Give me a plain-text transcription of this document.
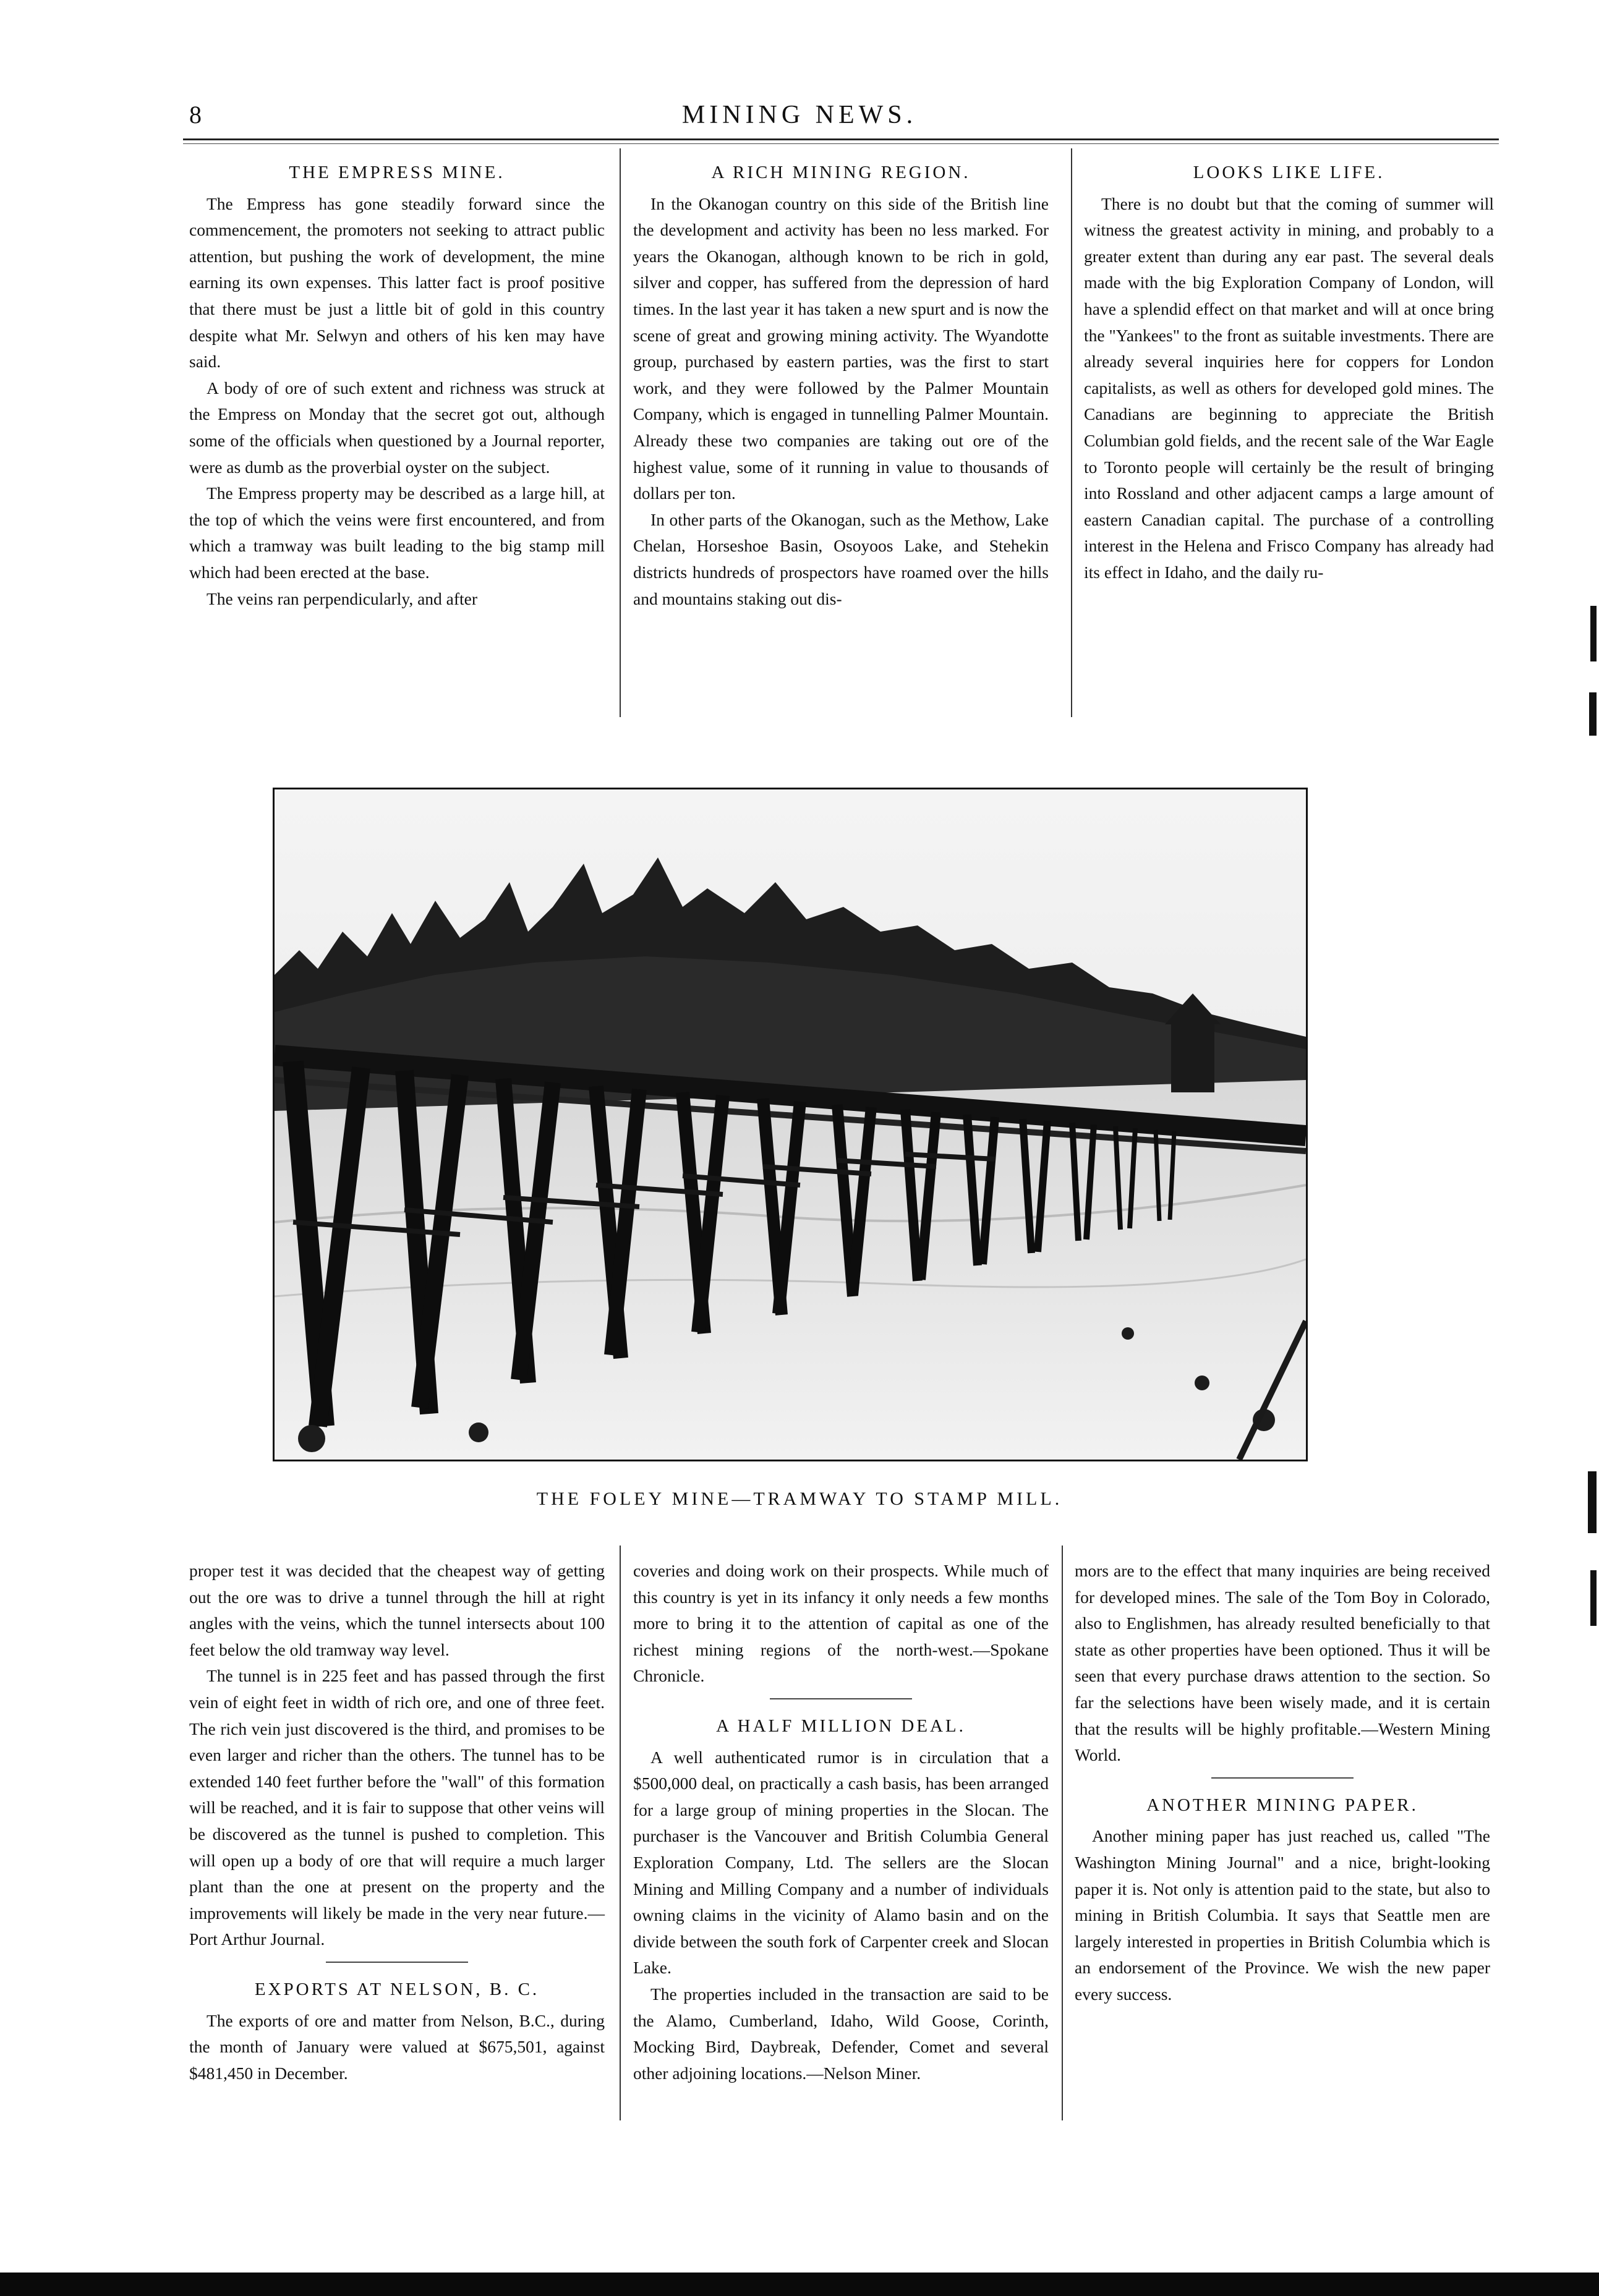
8	MINING NEWS.
THE EMPRESS MINE.

The Empress has gone steadily forward since the commencement, the promoters not seeking to attract public attention, but pushing the work of development, the mine earning its own expenses. This latter fact is proof positive that there must be just a little bit of gold in this country despite what Mr. Selwyn and others of his ken may have said.

A body of ore of such extent and richness was struck at the Empress on Monday that the secret got out, although some of the officials when questioned by a Journal reporter, were as dumb as the proverbial oyster on the subject.

The Empress property may be described as a large hill, at the top of which the veins were first encountered, and from which a tramway was built leading to the big stamp mill which had been erected at the base.

The veins ran perpendicularly, and after

A RICH MINING REGION.

In the Okanogan country on this side of the British line the development and activity has been no less marked. For years the Okanogan, although known to be rich in gold, silver and copper, has suffered from the depression of hard times. In the last year it has taken a new spurt and is now the scene of great and growing mining activity. The Wyandotte group, purchased by eastern parties, was the first to start work, and they were followed by the Palmer Mountain Company, which is engaged in tunnelling Palmer Mountain. Already these two companies are taking out ore of the highest value, some of it running in value to thousands of dollars per ton.

In other parts of the Okanogan, such as the Methow, Lake Chelan, Horseshoe Basin, Osoyoos Lake, and Stehekin districts hundreds of prospectors have roamed over the hills and mountains staking out dis-

LOOKS LIKE LIFE.

There is no doubt but that the coming of summer will witness the greatest activity in mining, and probably to a greater extent than during any ear past. The several deals made with the big Exploration Company of London, will have a splendid effect on that market and will at once bring the "Yankees" to the front as suitable investments. There are already several inquiries here for coppers for London capitalists, as well as others for developed gold mines. The Canadians are beginning to appreciate the British Columbian gold fields, and the recent sale of the War Eagle to Toronto people will certainly be the result of bringing into Rossland and other adjacent camps a large amount of eastern Canadian capital. The purchase of a controlling interest in the Helena and Frisco Company has already had its effect in Idaho, and the daily ru-

THE FOLEY MINE—TRAMWAY TO STAMP MILL.

proper test it was decided that the cheapest way of getting out the ore was to drive a tunnel through the hill at right angles with the veins, which the tunnel intersects about 100 feet below the old tramway way level.

The tunnel is in 225 feet and has passed through the first vein of eight feet in width of rich ore, and one of three feet. The rich vein just discovered is the third, and promises to be even larger and richer than the others. The tunnel has to be extended 140 feet further before the "wall" of this formation will be reached, and it is fair to suppose that other veins will be discovered as the tunnel is pushed to completion. This will open up a body of ore that will require a much larger plant than the one at present on the property and the improvements will likely be made in the very near future.—Port Arthur Journal.

EXPORTS AT NELSON, B. C.

The exports of ore and matter from Nelson, B.C., during the month of January were valued at $675,501, against $481,450 in December.

coveries and doing work on their prospects. While much of this country is yet in its infancy it only needs a few months more to bring it to the attention of capital as one of the richest mining regions of the north-west.—Spokane Chronicle.

A HALF MILLION DEAL.

A well authenticated rumor is in circulation that a $500,000 deal, on practically a cash basis, has been arranged for a large group of mining properties in the Slocan. The purchaser is the Vancouver and British Columbia General Exploration Company, Ltd. The sellers are the Slocan Mining and Milling Company and a number of individuals owning claims in the vicinity of Alamo basin and on the divide between the south fork of Carpenter creek and Slocan Lake.

The properties included in the transaction are said to be the Alamo, Cumberland, Idaho, Wild Goose, Corinth, Mocking Bird, Daybreak, Defender, Comet and several other adjoining locations.—Nelson Miner.

mors are to the effect that many inquiries are being received for developed mines. The sale of the Tom Boy in Colorado, also to Englishmen, has already resulted beneficially to that state as other properties have been optioned. Thus it will be seen that every purchase draws attention to the section. So far the selections have been wisely made, and it is certain that the results will be highly profitable.—Western Mining World.

ANOTHER MINING PAPER.

Another mining paper has just reached us, called "The Washington Mining Journal" and a nice, bright-looking paper it is. Not only is attention paid to the state, but also to mining in British Columbia. It says that Seattle men are largely interested in properties in British Columbia which is an endorsement of the Province. We wish the new paper every success.
